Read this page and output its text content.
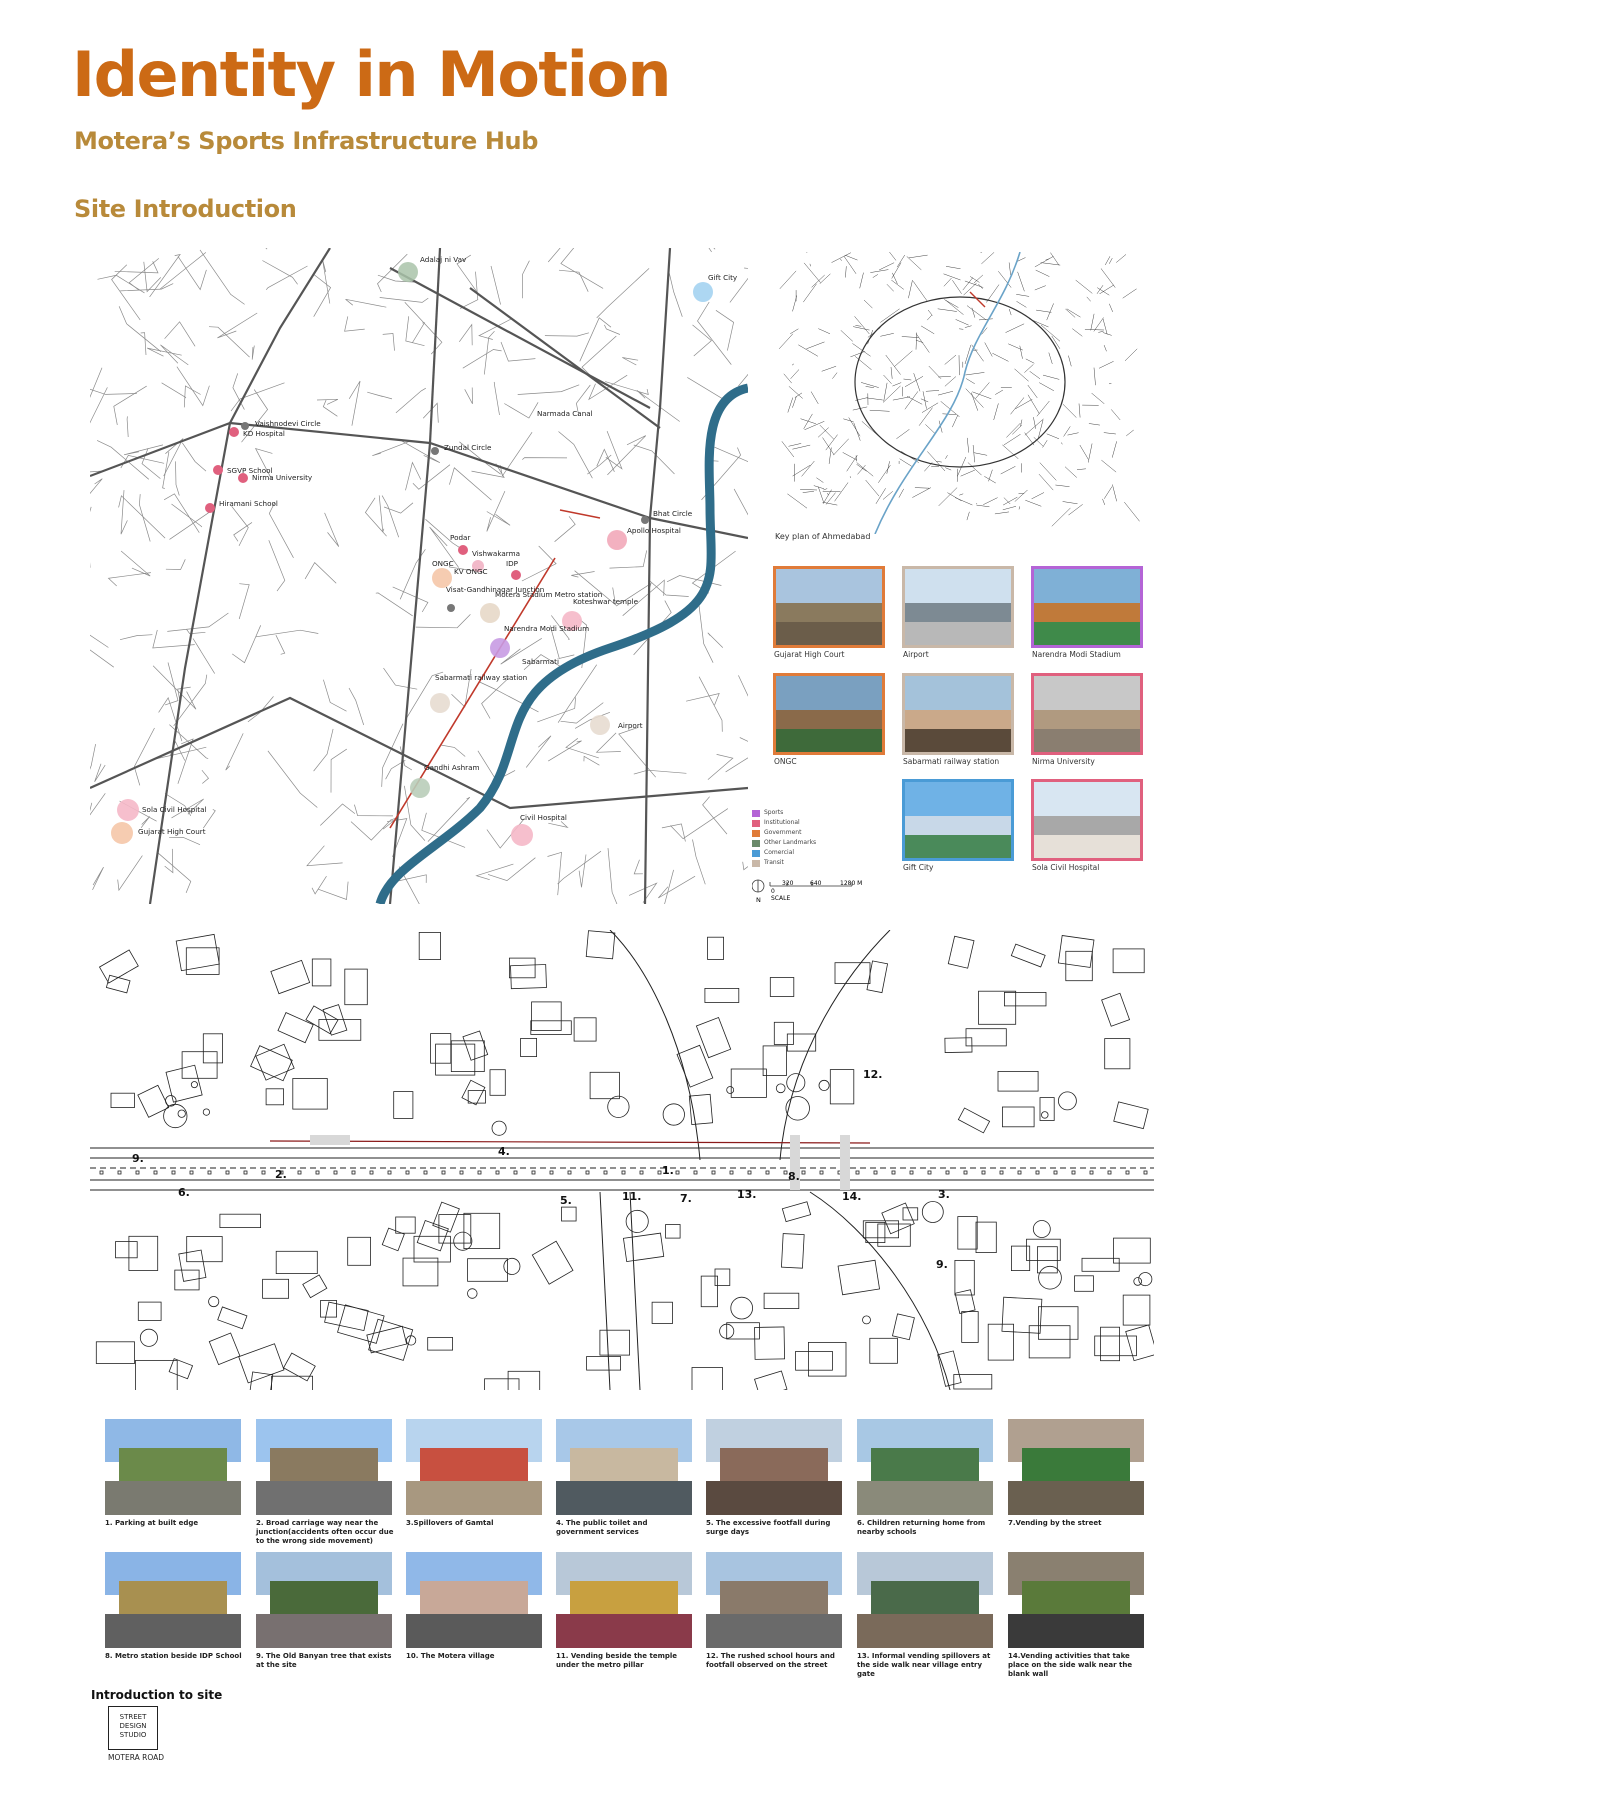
Identity in Motion
Motera’s Sports Infrastructure Hub
Site Introduction
Adalaj ni Vav
Gift City
Narmada Canal
Vaishnodevi Circle
KD Hospital
Zundal Circle
SGVP School
Nirma University
Hiramani School
Bhat Circle
Apollo Hospital
Podar
Vishwakarma
ONGC
KV ONGC
IDP
Visat-Gandhinagar Junction
Motera Stadium Metro station
Koteshwar temple
Narendra Modi Stadium
Sabarmati
Sabarmati railway station
Airport
Gandhi Ashram
Sola Civil Hospital
Gujarat High Court
Civil Hospital
Key plan of Ahmedabad
Gujarat High Court	Airport	Narendra Modi Stadium
ONGC	Sabarmati railway station	Nirma University
Gift City	Sola Civil Hospital
Sports
Institutional
Government
Other Landmarks
Comercial
Transit
N
0
320	640	1280 M
SCALE
1.
2.
3.
4.
5.
6.	7.
8.
9.
9.
11.
12.
13.	14.
1. Parking at built edge	2. Broad carriage way near the junction(accidents often occur due to the wrong side movement)
3.Spillovers of Gamtal	4. The public toilet and government services
5. The excessive footfall during surge days
6. Children returning home from nearby schools
7.Vending by the street
8. Metro station beside IDP School	9. The Old Banyan tree that exists at the site
10. The Motera village	11. Vending beside the temple under the metro pillar
12. The rushed school hours and footfall observed on the street
13. Informal vending spillovers at the side walk near village entry gate
14.Vending activities that take place on the side walk near the blank wall
Introduction to site
STREET
DESIGN
STUDIO
MOTERA ROAD
